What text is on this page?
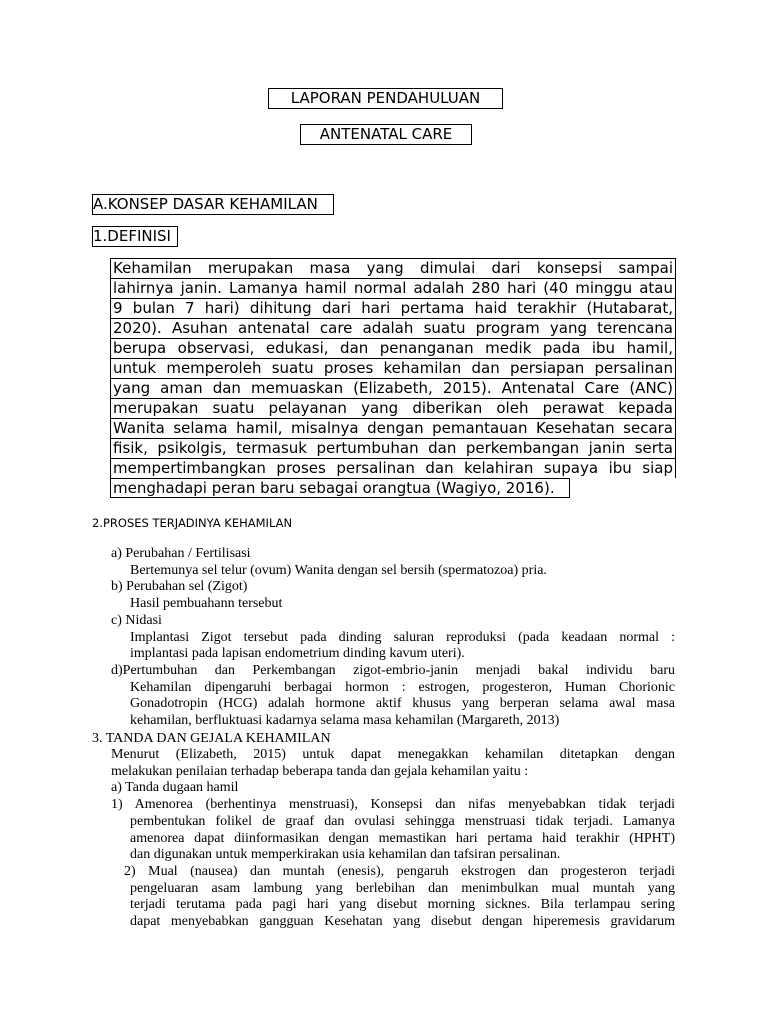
LAPORAN PENDAHULUAN
ANTENATAL CARE
A.KONSEP DASAR KEHAMILAN
1.DEFINISI
Kehamilan merupakan masa yang dimulai dari konsepsi sampai
lahirnya janin. Lamanya hamil normal adalah 280 hari (40 minggu atau
9 bulan 7 hari) dihitung dari hari pertama haid terakhir (Hutabarat,
2020). Asuhan antenatal care adalah suatu program yang terencana
berupa observasi, edukasi, dan penanganan medik pada ibu hamil,
untuk memperoleh suatu proses kehamilan dan persiapan persalinan
yang aman dan memuaskan (Elizabeth, 2015). Antenatal Care (ANC)
merupakan suatu pelayanan yang diberikan oleh perawat kepada
Wanita selama hamil, misalnya dengan pemantauan Kesehatan secara
fisik, psikolgis, termasuk pertumbuhan dan perkembangan janin serta
mempertimbangkan proses persalinan dan kelahiran supaya ibu siap
menghadapi peran baru sebagai orangtua (Wagiyo, 2016).
2.PROSES TERJADINYA KEHAMILAN
a) Perubahan / Fertilisasi
Bertemunya sel telur (ovum) Wanita dengan sel bersih (spermatozoa) pria.
b) Perubahan sel (Zigot)
Hasil pembuahann tersebut
c) Nidasi
Implantasi Zigot tersebut pada dinding saluran reproduksi (pada keadaan normal :
implantasi pada lapisan endometrium dinding kavum uteri).
d)Pertumbuhan dan Perkembangan zigot-embrio-janin menjadi bakal individu baru
Kehamilan dipengaruhi berbagai hormon : estrogen, progesteron, Human Chorionic
Gonadotropin (HCG) adalah hormone aktif khusus yang berperan selama awal masa
kehamilan, berfluktuasi kadarnya selama masa kehamilan (Margareth, 2013)
3. TANDA DAN GEJALA KEHAMILAN
Menurut (Elizabeth, 2015) untuk dapat menegakkan kehamilan ditetapkan dengan
melakukan penilaian terhadap beberapa tanda dan gejala kehamilan yaitu :
a) Tanda dugaan hamil
1) Amenorea (berhentinya menstruasi), Konsepsi dan nifas menyebabkan tidak terjadi
pembentukan folikel de graaf dan ovulasi sehingga menstruasi tidak terjadi. Lamanya
amenorea dapat diinformasikan dengan memastikan hari pertama haid terakhir (HPHT)
dan digunakan untuk memperkirakan usia kehamilan dan tafsiran persalinan.
2) Mual (nausea) dan muntah (enesis), pengaruh ekstrogen dan progesteron terjadi
pengeluaran asam lambung yang berlebihan dan menimbulkan mual muntah yang
terjadi terutama pada pagi hari yang disebut morning sicknes. Bila terlampau sering
dapat menyebabkan gangguan Kesehatan yang disebut dengan hiperemesis gravidarum
